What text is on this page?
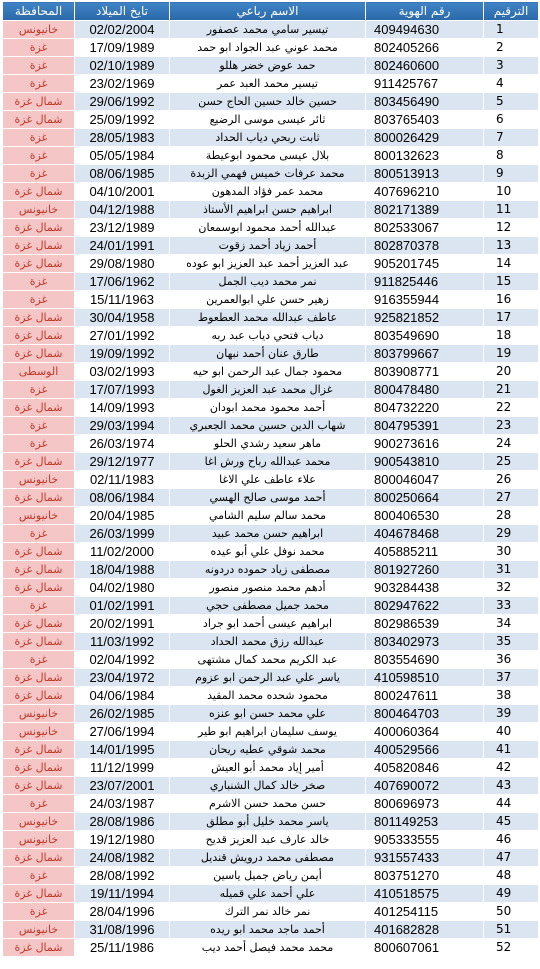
الترقيم	رقم الهوية	الاسم رباعي	تايخ الميلاد	المحافظة
1	409494630	تيسير سامي محمد عصفور	02/02/2004	خانيونس
2	802405266	محمد عوني عبد الجواد ابو حمد	17/09/1989	غزة
3	802460600	حمد عوض خضر هللو	02/10/1989	غزة
4	911425767	تيسير محمد العبد عمر	23/02/1969	غزة
5	803456490	حسين خالد حسين الحاج حسن	29/06/1992	شمال غزة
6	803765403	ثائر عيسى موسى الرضيع	25/09/1992	شمال غزة
7	800026429	ثابت ربحي دياب الحداد	28/05/1983	غزة
8	800132623	بلال عيسى محمود ابوعيطة	05/05/1984	غزة
9	800513913	محمد عرفات خميس فهمي الزبدة	08/06/1985	غزة
10	407696210	محمد عمر فؤاد المدهون	04/10/2001	شمال غزة
11	802171389	ابراهيم حسن ابراهيم الأستاذ	04/12/1988	خانيونس
12	802533067	عبدالله أحمد محمود ابوسمعان	23/12/1989	شمال غزة
13	802870378	أحمد زياد أحمد زقوت	24/01/1991	شمال غزة
14	905201745	عبد العزيز أحمد عبد العزيز ابو عوده	29/08/1980	شمال غزة
15	911825446	نمر محمد ديب الجمل	17/06/1962	غزة
16	916355944	زهير حسن علي ابوالعمرين	15/11/1963	غزة
17	925821852	عاطف عبدالله محمد العطعوط	30/04/1958	شمال غزة
18	803549690	دياب فتحي دياب عبد ربه	27/01/1992	شمال غزة
19	803799667	طارق عنان أحمد نبهان	19/09/1992	شمال غزة
20	803908771	محمود جمال عبد الرحمن ابو حيه	03/02/1993	الوسطى
21	800478480	غزال محمد عبد العزيز الغول	17/07/1993	غزة
22	804732220	أحمد محمود محمد ابودان	14/09/1993	شمال غزة
23	804795391	شهاب الدين حسين محمد الجعبري	29/03/1994	غزة
24	900273616	ماهر سعيد رشدي الحلو	26/03/1974	غزة
25	900543810	محمد عبدالله رباح ورش اغا	29/12/1977	شمال غزة
26	800046047	علاء عاطف علي الاغا	02/11/1983	خانيونس
27	800250664	أحمد موسى صالح الهسي	08/06/1984	شمال غزة
28	800406530	محمد سالم سليم الشامي	20/04/1985	خانيونس
29	404678468	ابراهيم حسن محمد عبيد	26/03/1999	غزة
30	405885211	محمد نوفل علي أبو عيده	11/02/2000	شمال غزة
31	801927260	مصطفى زياد حموده دردونه	18/04/1988	شمال غزة
32	903284438	أدهم محمد منصور منصور	04/02/1980	شمال غزة
33	802947622	محمد جميل مصطفى حجي	01/02/1991	غزة
34	802986539	ابراهيم عيسى أحمد ابو جراد	20/02/1991	شمال غزة
35	803402973	عبدالله رزق محمد الحداد	11/03/1992	شمال غزة
36	803554690	عبد الكريم محمد كمال مشتهى	02/04/1992	غزة
37	410598510	ياسر علي عبد الرحمن ابو عزوم	23/04/1972	شمال غزة
38	800247611	محمود شحده محمد المقيد	04/06/1984	شمال غزة
39	800464703	علي محمد حسن ابو عنزه	26/02/1985	خانيونس
40	400060364	يوسف سليمان ابراهيم ابو طير	27/06/1994	خانيونس
41	400529566	محمد شوقي عطيه ريحان	14/01/1995	شمال غزة
42	405820846	أمير إياد محمد أبو العيش	11/12/1999	شمال غزة
43	407690072	صخر خالد كمال الشنباري	23/07/2001	شمال غزة
44	800696973	حسن محمد حسن الاشرم	24/03/1987	غزة
45	801149253	ياسر محمد خليل أبو مطلق	28/08/1986	خانيونس
46	905333555	خالد عارف عبد العزيز قديح	19/12/1980	خانيونس
47	931557433	مصطفى محمد درويش قنديل	24/08/1982	شمال غزة
48	803751270	أيمن رياض جميل ياسين	28/08/1992	غزة
49	410518575	علي أحمد علي قميله	19/11/1994	شمال غزة
50	401254115	نمر خالد نمر الترك	28/04/1996	غزة
51	401682828	أحمد ماجد محمد ابو ريده	31/08/1996	خانيونس
52	800607061	محمد محمد فيصل أحمد ديب	25/11/1986	شمال غزة
